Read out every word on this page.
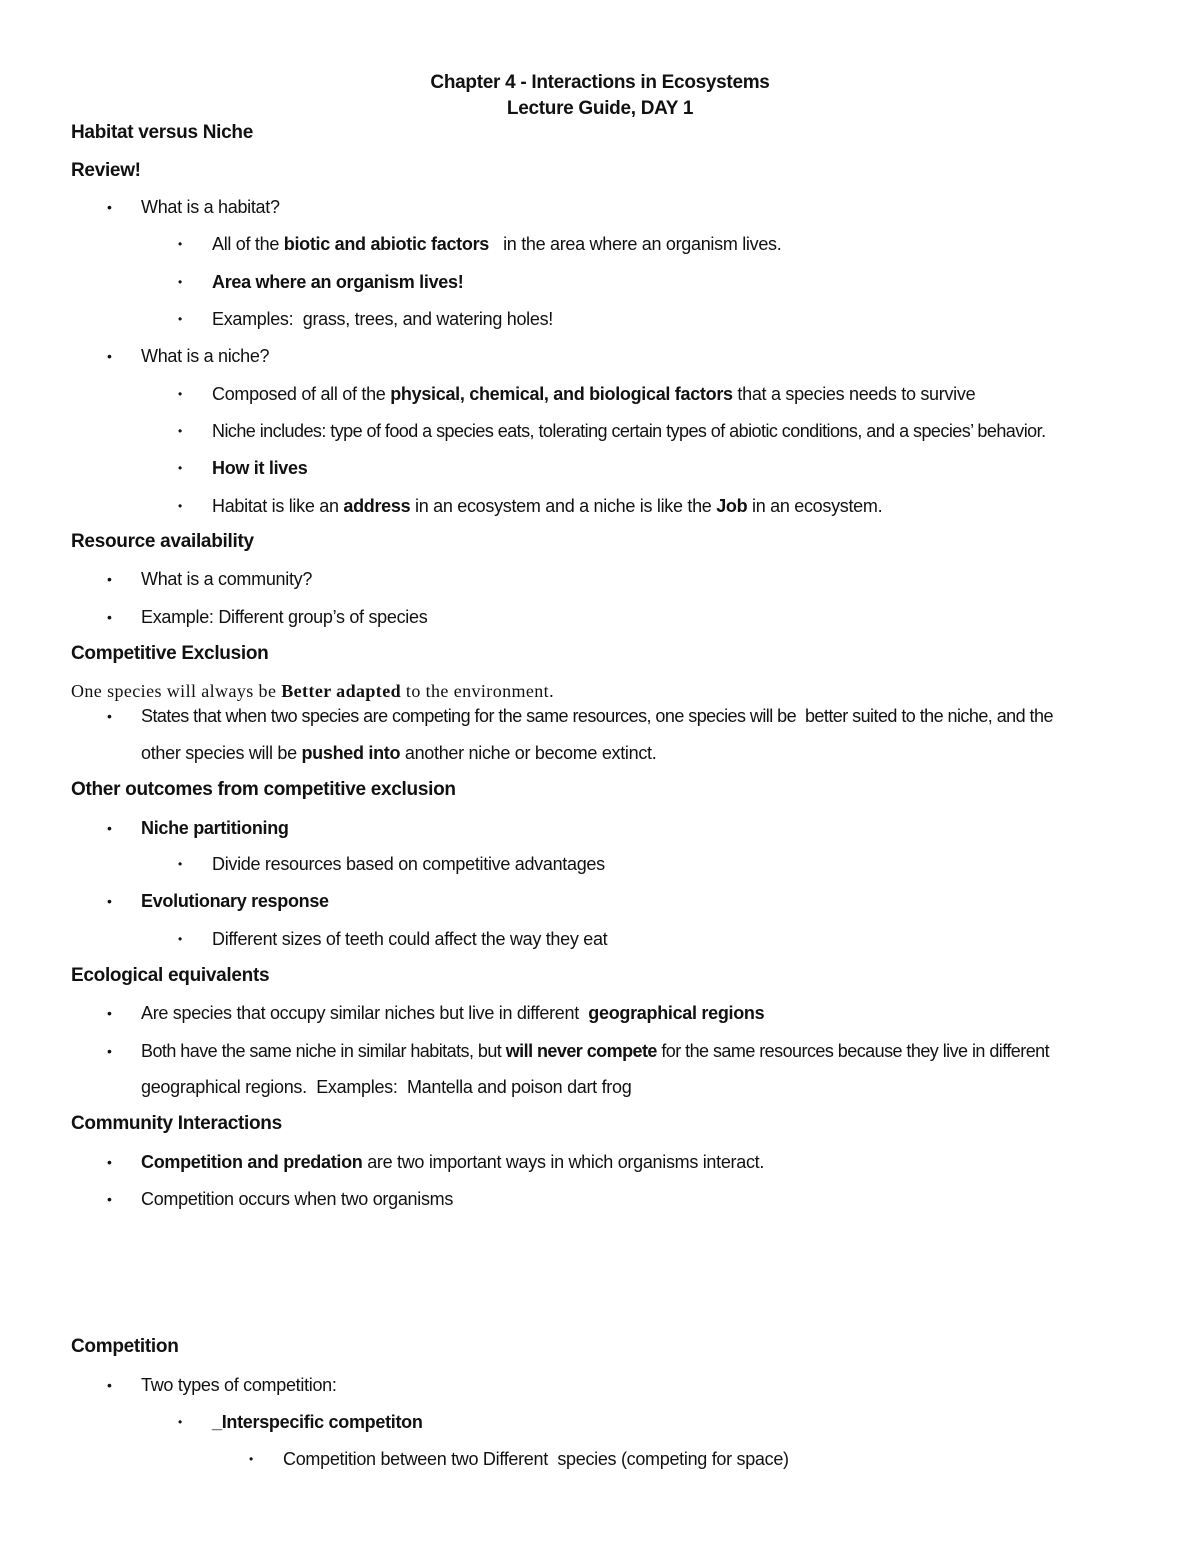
Chapter 4 - Interactions in Ecosystems
Lecture Guide, DAY 1
Habitat versus Niche
Review!
• What is a habitat?
• All of the biotic and abiotic factors   in the area where an organism lives.
• Area where an organism lives!
• Examples:  grass, trees, and watering holes!
• What is a niche?
• Composed of all of the physical, chemical, and biological factors that a species needs to survive
• Niche includes: type of food a species eats, tolerating certain types of abiotic conditions, and a species’ behavior.
• How it lives
• Habitat is like an address in an ecosystem and a niche is like the Job in an ecosystem.
Resource availability
• What is a community?
• Example: Different group’s of species
Competitive Exclusion
One species will always be Better adapted to the environment.
• States that when two species are competing for the same resources, one species will be  better suited to the niche, and the
other species will be pushed into another niche or become extinct.
Other outcomes from competitive exclusion
• Niche partitioning
• Divide resources based on competitive advantages
• Evolutionary response
• Different sizes of teeth could affect the way they eat
Ecological equivalents
• Are species that occupy similar niches but live in different  geographical regions
• Both have the same niche in similar habitats, but will never compete for the same resources because they live in different
geographical regions.  Examples:  Mantella and poison dart frog
Community Interactions
• Competition and predation are two important ways in which organisms interact.
• Competition occurs when two organisms
Competition
• Two types of competition:
• _Interspecific competiton
• Competition between two Different  species (competing for space)
